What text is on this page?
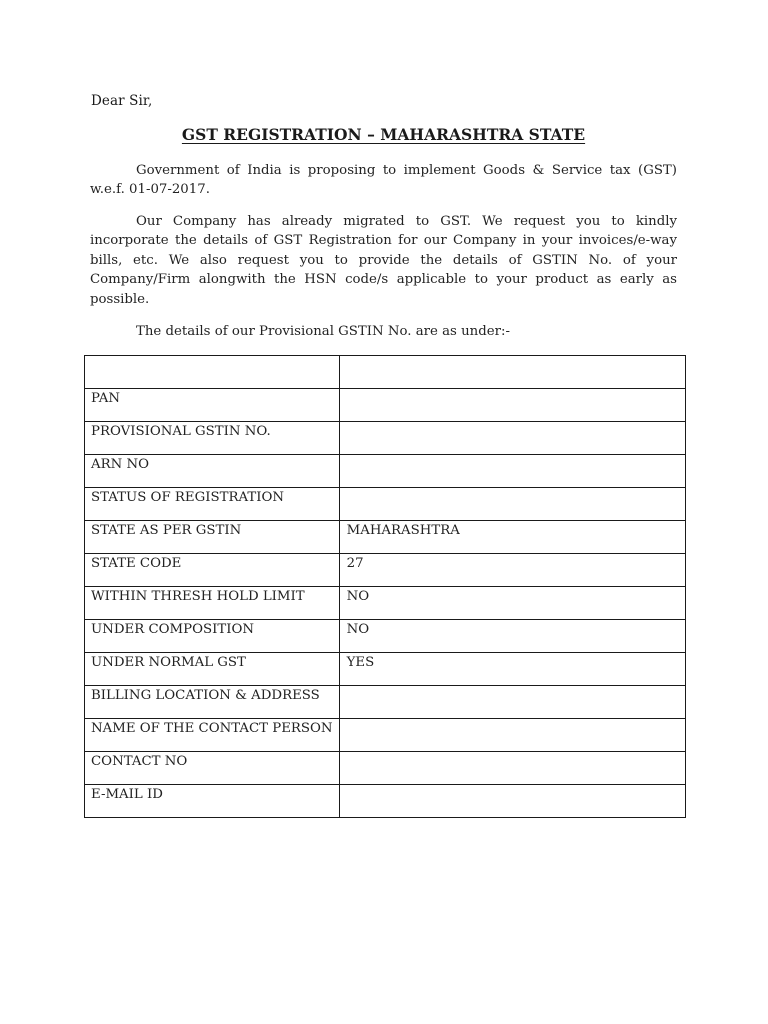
Dear Sir,
GST REGISTRATION – MAHARASHTRA STATE

Government of India is proposing to implement Goods & Service tax (GST) w.e.f. 01-07-2017.

Our Company has already migrated to GST. We request you to kindly incorporate the details of GST Registration for our Company in your invoices/e-way bills, etc. We also request you to provide the details of GSTIN No. of your Company/Firm alongwith the HSN code/s applicable to your product as early as possible.

The details of our Provisional GSTIN No. are as under:-

PAN	
PROVISIONAL GSTIN NO.	
ARN NO	
STATUS OF REGISTRATION	
STATE AS PER GSTIN	MAHARASHTRA
STATE CODE	27
WITHIN THRESH HOLD LIMIT	NO
UNDER COMPOSITION	NO
UNDER NORMAL GST	YES
BILLING LOCATION & ADDRESS	
NAME OF THE CONTACT PERSON	
CONTACT NO	
E-MAIL ID	
